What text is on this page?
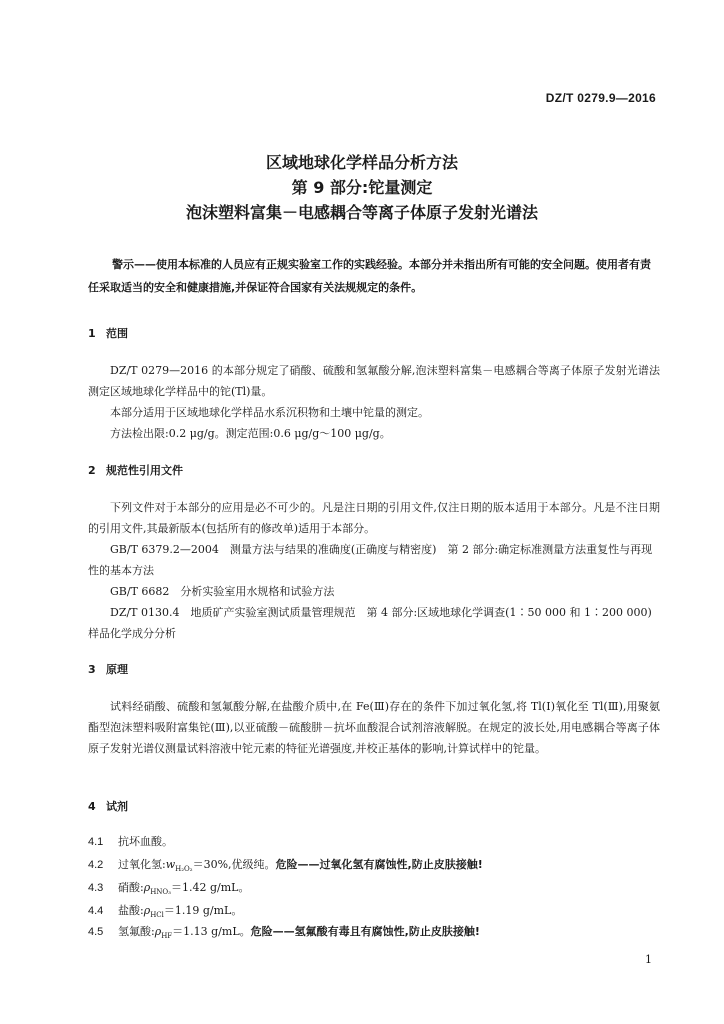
DZ/T 0279.9—2016
区域地球化学样品分析方法
第 9 部分:铊量测定
泡沫塑料富集－电感耦合等离子体原子发射光谱法
警示——使用本标准的人员应有正规实验室工作的实践经验。本部分并未指出所有可能的安全问题。使用者有责任采取适当的安全和健康措施,并保证符合国家有关法规规定的条件。
1 范围
DZ/T 0279—2016 的本部分规定了硝酸、硫酸和氢氟酸分解,泡沫塑料富集－电感耦合等离子体原子发射光谱法测定区域地球化学样品中的铊(Tl)量。
本部分适用于区域地球化学样品水系沉积物和土壤中铊量的测定。
方法检出限:0.2 μg/g。测定范围:0.6 μg/g～100 μg/g。
2 规范性引用文件
下列文件对于本部分的应用是必不可少的。凡是注日期的引用文件,仅注日期的版本适用于本部分。凡是不注日期的引用文件,其最新版本(包括所有的修改单)适用于本部分。
GB/T 6379.2—2004　测量方法与结果的准确度(正确度与精密度)　第 2 部分:确定标准测量方法重复性与再现性的基本方法
GB/T 6682　分析实验室用水规格和试验方法
DZ/T 0130.4　地质矿产实验室测试质量管理规范　第 4 部分:区域地球化学调查(1∶50 000 和 1∶200 000)样品化学成分分析
3 原理
试料经硝酸、硫酸和氢氟酸分解,在盐酸介质中,在 Fe(Ⅲ)存在的条件下加过氧化氢,将 Tl(Ⅰ)氧化至 Tl(Ⅲ),用聚氨酯型泡沫塑料吸附富集铊(Ⅲ),以亚硫酸－硫酸肼－抗坏血酸混合试剂溶液解脱。在规定的波长处,用电感耦合等离子体原子发射光谱仪测量试料溶液中铊元素的特征光谱强度,并校正基体的影响,计算试样中的铊量。
4 试剂
4.1 抗坏血酸。
4.2 过氧化氢$:w_{H_2O_2}=30\%$,优级纯。危险——过氧化氢有腐蚀性,防止皮肤接触!
4.3 硝酸$:\rho_{HNO_3}=1.42$ g/mL。
4.4 盐酸$:\rho_{HCl}=1.19$ g/mL。
4.5 氢氟酸$:\rho_{HF}=1.13$ g/mL。危险——氢氟酸有毒且有腐蚀性,防止皮肤接触!
1
